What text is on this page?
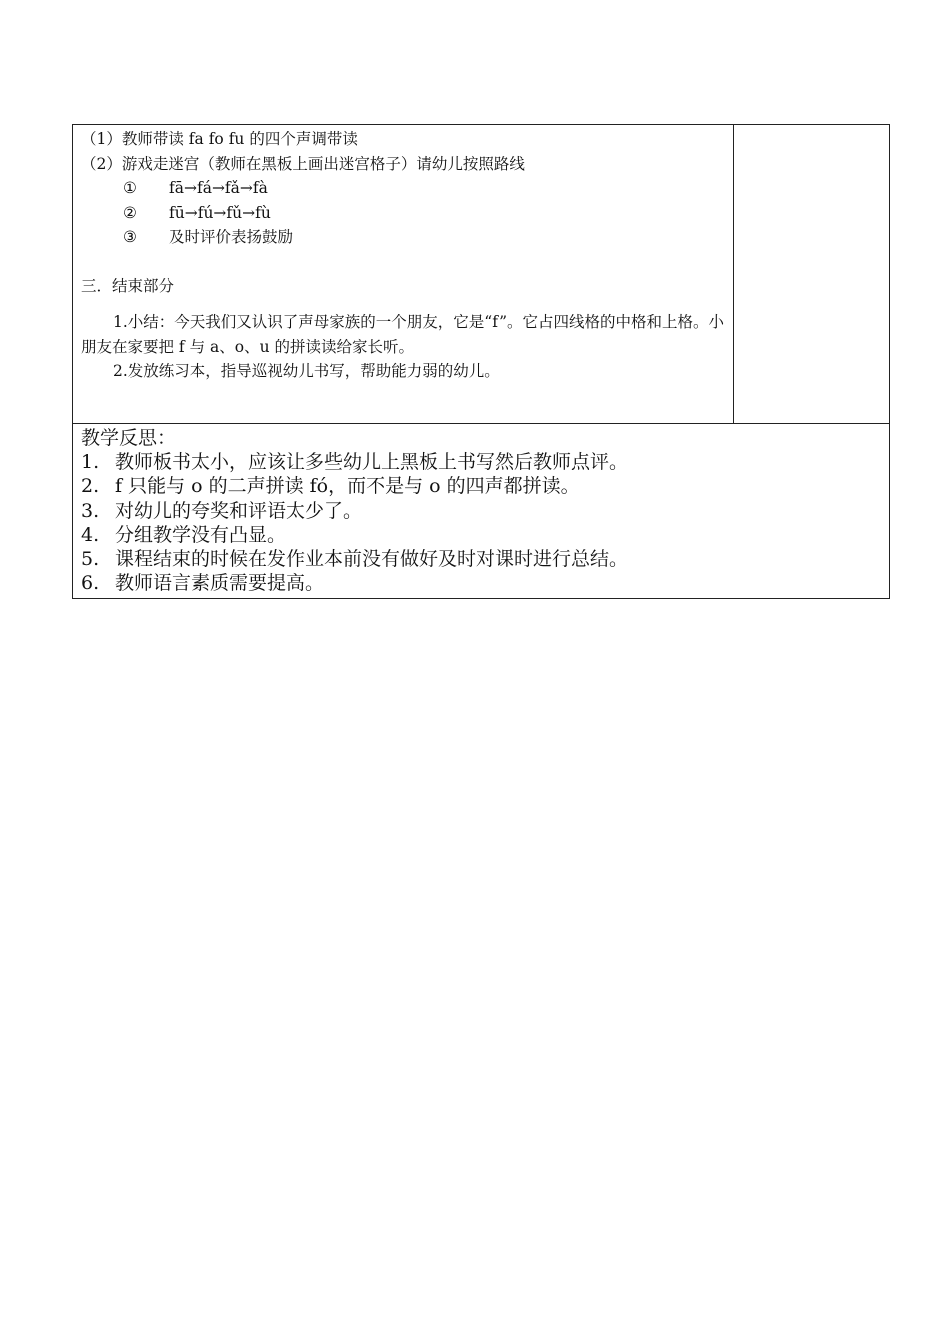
（1）教师带读 fa fo fu 的四个声调带读
（2）游戏走迷宫（教师在黑板上画出迷宫格子）请幼儿按照路线
① fā→fá→fǎ→fà
② fū→fú→fǔ→fù
③ 及时评价表扬鼓励
三．结束部分
1.小结：今天我们又认识了声母家族的一个朋友，它是“f”。它占四线格的中格和上格。小朋友在家要把 f 与 a、o、u 的拼读读给家长听。
2.发放练习本，指导巡视幼儿书写，帮助能力弱的幼儿。
教学反思：
1. 教师板书太小，应该让多些幼儿上黑板上书写然后教师点评。
2. f 只能与 o 的二声拼读 fó，而不是与 o 的四声都拼读。
3. 对幼儿的夸奖和评语太少了。
4. 分组教学没有凸显。
5. 课程结束的时候在发作业本前没有做好及时对课时进行总结。
6. 教师语言素质需要提高。
